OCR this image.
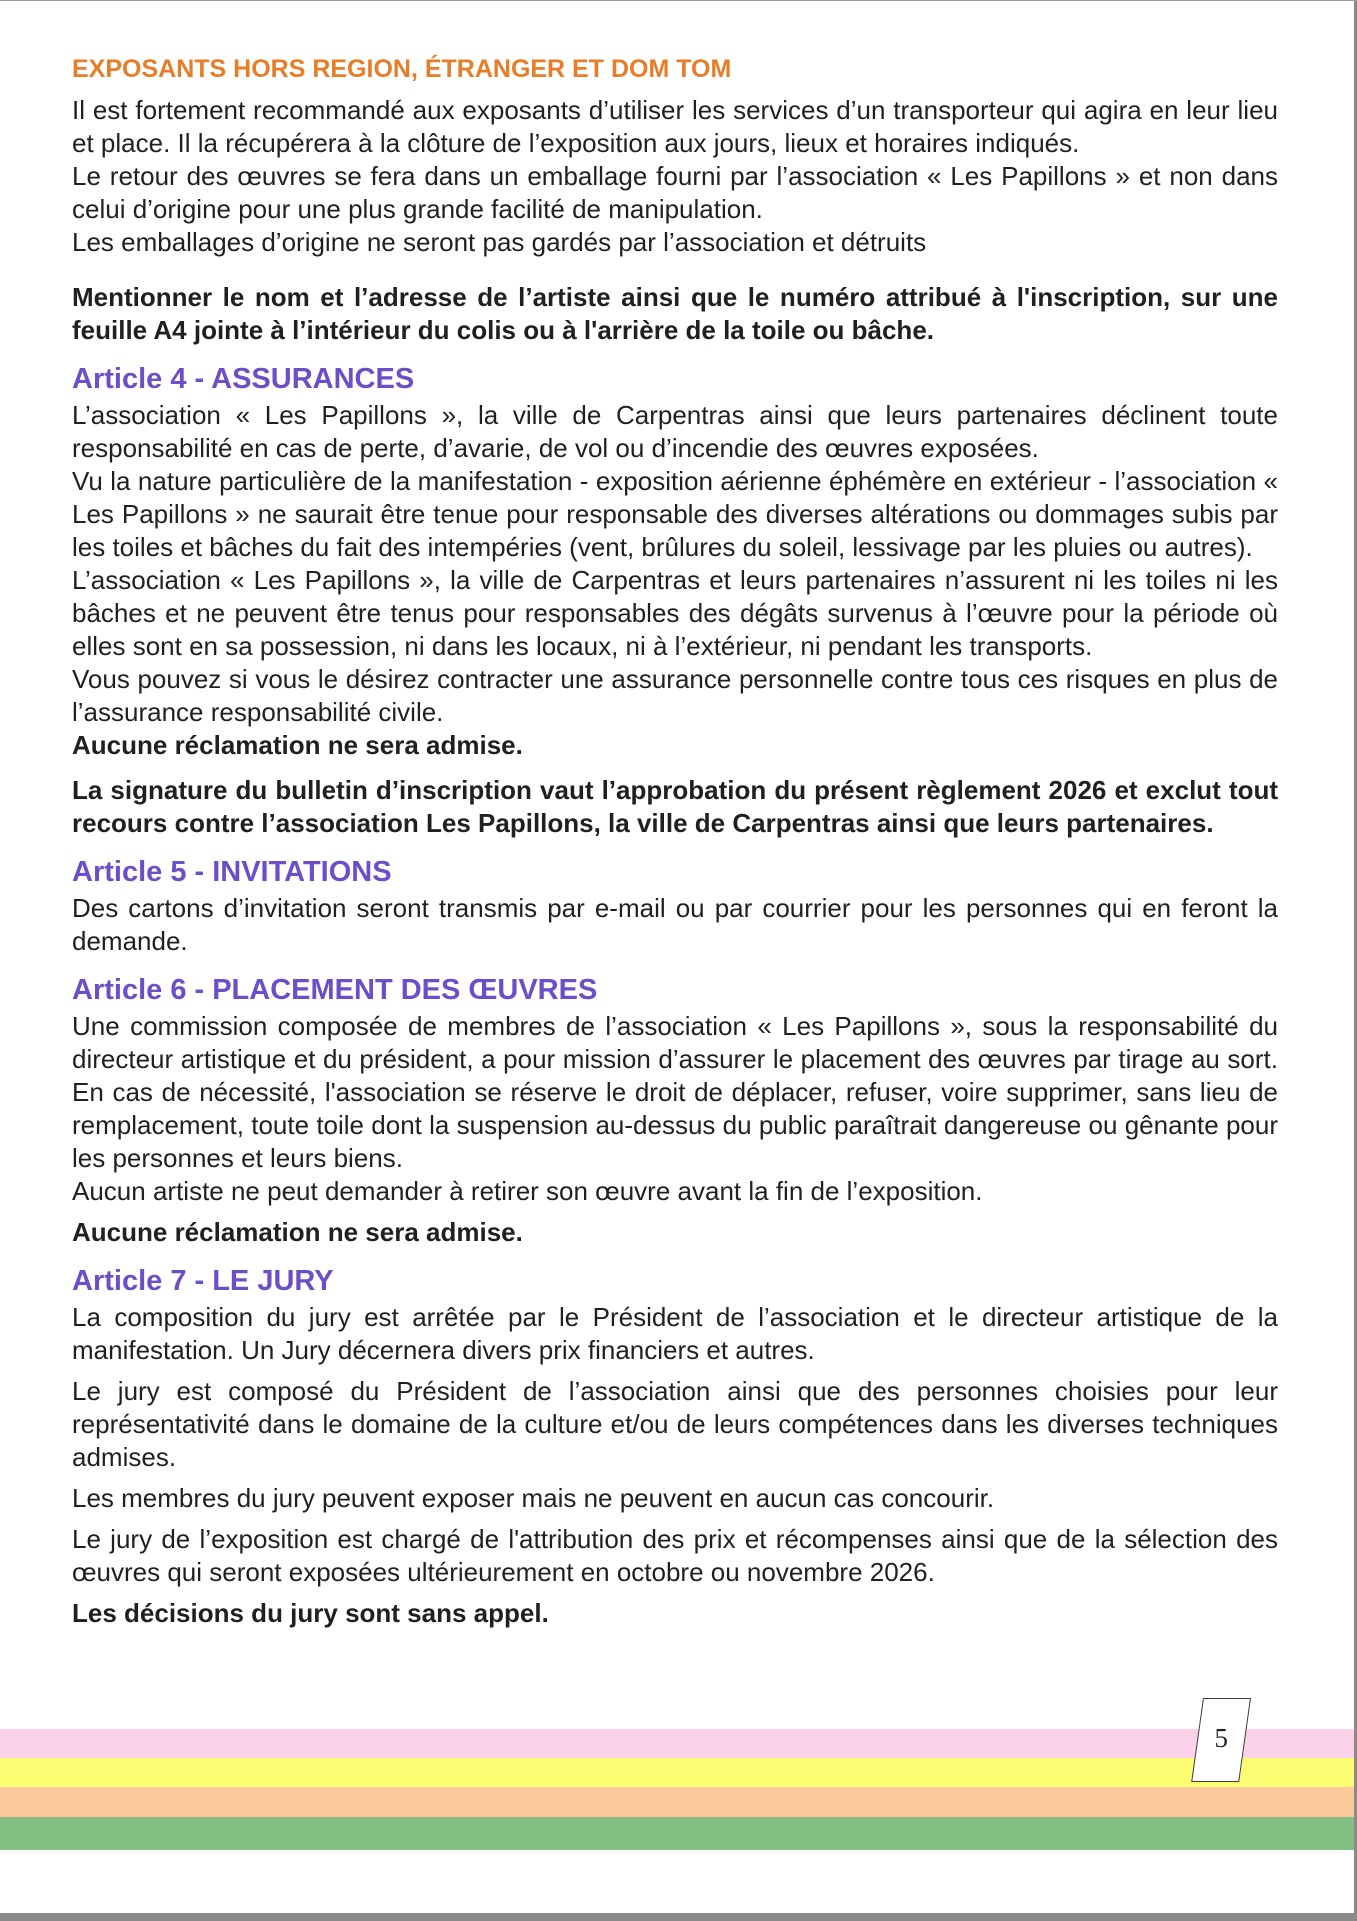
EXPOSANTS HORS REGION, ÉTRANGER ET DOM TOM

Il est fortement recommandé aux exposants d’utiliser les services d’un transporteur qui agira en leur lieu et place. Il la récupérera à la clôture de l’exposition aux jours, lieux et horaires indiqués.

Le retour des œuvres se fera dans un emballage fourni par l’association « Les Papillons » et non dans celui d’origine pour une plus grande facilité de manipulation.

Les emballages d’origine ne seront pas gardés par l’association et détruits

Mentionner le nom et l’adresse de l’artiste ainsi que le numéro attribué à l'inscription, sur une feuille A4 jointe à l’intérieur du colis ou à l'arrière de la toile ou bâche.

Article 4 - ASSURANCES

L’association « Les Papillons », la ville de Carpentras ainsi que leurs partenaires déclinent toute responsabilité en cas de perte, d’avarie, de vol ou d’incendie des œuvres exposées.

Vu la nature particulière de la manifestation - exposition aérienne éphémère en extérieur - l’association « Les Papillons » ne saurait être tenue pour responsable des diverses altérations ou dommages subis par les toiles et bâches du fait des intempéries (vent, brûlures du soleil, lessivage par les pluies ou autres).

L’association « Les Papillons », la ville de Carpentras et leurs partenaires n’assurent ni les toiles ni les bâches et ne peuvent être tenus pour responsables des dégâts survenus à l’œuvre pour la période où elles sont en sa possession, ni dans les locaux, ni à l’extérieur, ni pendant les transports.

Vous pouvez si vous le désirez contracter une assurance personnelle contre tous ces risques en plus de l’assurance responsabilité civile.

Aucune réclamation ne sera admise.

La signature du bulletin d’inscription vaut l’approbation du présent règlement 2026 et exclut tout recours contre l’association Les Papillons, la ville de Carpentras ainsi que leurs partenaires.

Article 5 - INVITATIONS

Des cartons d’invitation seront transmis par e-mail ou par courrier pour les personnes qui en feront la demande.

Article 6 - PLACEMENT DES ŒUVRES

Une commission composée de membres de l’association « Les Papillons », sous la responsabilité du directeur artistique et du président, a pour mission d’assurer le placement des œuvres par tirage au sort. En cas de nécessité, l'association se réserve le droit de déplacer, refuser, voire supprimer, sans lieu de remplacement, toute toile dont la suspension au-dessus du public paraîtrait dangereuse ou gênante pour les personnes et leurs biens.

Aucun artiste ne peut demander à retirer son œuvre avant la fin de l’exposition.

Aucune réclamation ne sera admise.

Article 7 - LE JURY

La composition du jury est arrêtée par le Président de l’association et le directeur artistique de la manifestation. Un Jury décernera divers prix financiers et autres.

Le jury est composé du Président de l’association ainsi que des personnes choisies pour leur représentativité dans le domaine de la culture et/ou de leurs compétences dans les diverses techniques admises.

Les membres du jury peuvent exposer mais ne peuvent en aucun cas concourir.

Le jury de l’exposition est chargé de l'attribution des prix et récompenses ainsi que de la sélection des œuvres qui seront exposées ultérieurement en octobre ou novembre 2026.

Les décisions du jury sont sans appel.

5
